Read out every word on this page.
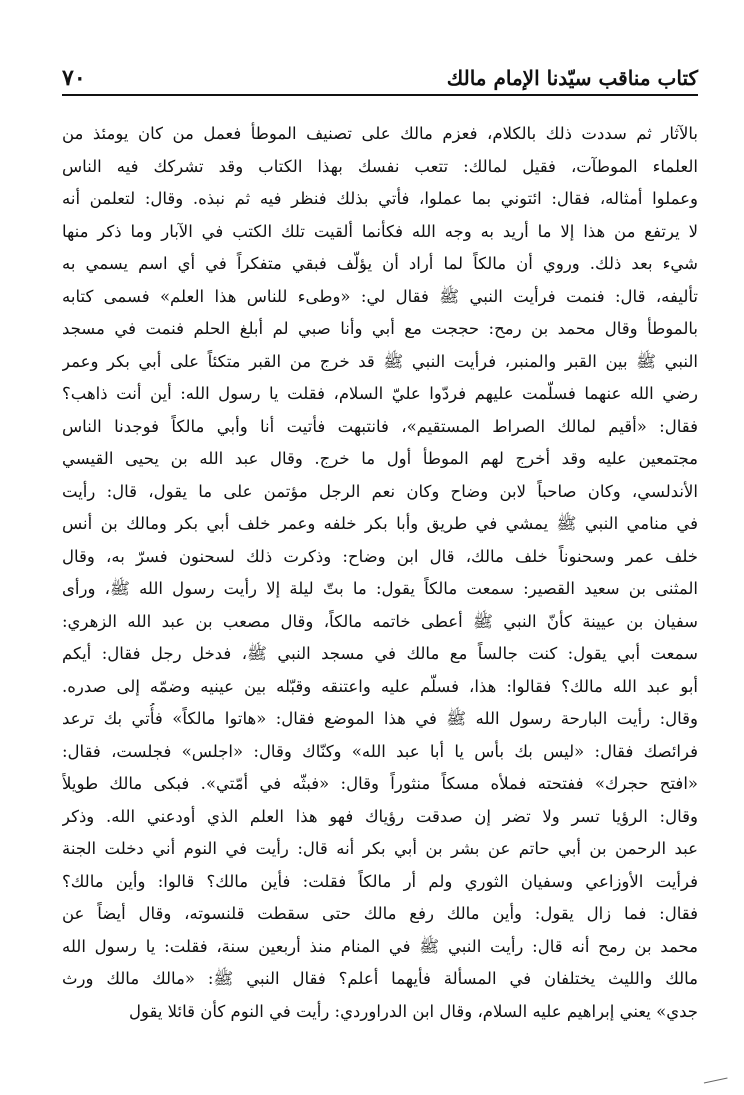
كتاب مناقب سيّدنا الإمام مالك
٧٠
بالآثار ثم سددت ذلك بالكلام، فعزم مالك على تصنيف الموطأ فعمل من كان يومئذ من
العلماء الموطآت، فقيل لمالك: تتعب نفسك بهذا الكتاب وقد تشركك فيه الناس
وعملوا أمثاله، فقال: ائتوني بما عملوا، فأتي بذلك فنظر فيه ثم نبذه. وقال: لتعلمن أنه
لا يرتفع من هذا إلا ما أريد به وجه الله فكأنما ألقيت تلك الكتب في الآبار وما ذكر منها
شيء بعد ذلك. وروي أن مالكاً لما أراد أن يؤلّف فبقي متفكراً في أي اسم يسمي به
تأليفه، قال: فنمت فرأيت النبي ﷺ فقال لي: «وطىء للناس هذا العلم» فسمى كتابه
بالموطأ وقال محمد بن رمح: حججت مع أبي وأنا صبي لم أبلغ الحلم فنمت في مسجد
النبي ﷺ بين القبر والمنبر، فرأيت النبي ﷺ قد خرج من القبر متكئاً على أبي بكر وعمر
رضي الله عنهما فسلّمت عليهم فردّوا عليّ السلام، فقلت يا رسول الله: أين أنت ذاهب؟
فقال: «أقيم لمالك الصراط المستقيم»، فانتبهت فأتيت أنا وأبي مالكاً فوجدنا الناس
مجتمعين عليه وقد أخرج لهم الموطأ أول ما خرج. وقال عبد الله بن يحيى القيسي
الأندلسي، وكان صاحباً لابن وضاح وكان نعم الرجل مؤتمن على ما يقول، قال: رأيت
في منامي النبي ﷺ يمشي في طريق وأبا بكر خلفه وعمر خلف أبي بكر ومالك بن أنس
خلف عمر وسحنوناً خلف مالك، قال ابن وضاح: وذكرت ذلك لسحنون فسرّ به، وقال
المثنى بن سعيد القصير: سمعت مالكاً يقول: ما بتّ ليلة إلا رأيت رسول الله ﷺ، ورأى
سفيان بن عيينة كأنّ النبي ﷺ أعطى خاتمه مالكاً، وقال مصعب بن عبد الله الزهري:
سمعت أبي يقول: كنت جالساً مع مالك في مسجد النبي ﷺ، فدخل رجل فقال: أيكم
أبو عبد الله مالك؟ فقالوا: هذا، فسلّم عليه واعتنقه وقبّله بين عينيه وضمّه إلى صدره.
وقال: رأيت البارحة رسول الله ﷺ في هذا الموضع فقال: «هاتوا مالكاً» فأُتي بك ترعد
فرائصك فقال: «ليس بك بأس يا أبا عبد الله» وكنّاك وقال: «اجلس» فجلست، فقال:
«افتح حجرك» ففتحته فملأه مسكاً منثوراً وقال: «فبثّه في أمّتي». فبكى مالك طويلاً
وقال: الرؤيا تسر ولا تضر إن صدقت رؤياك فهو هذا العلم الذي أودعني الله. وذكر
عبد الرحمن بن أبي حاتم عن بشر بن أبي بكر أنه قال: رأيت في النوم أني دخلت الجنة
فرأيت الأوزاعي وسفيان الثوري ولم أر مالكاً فقلت: فأين مالك؟ قالوا: وأين مالك؟
فقال: فما زال يقول: وأين مالك رفع مالك حتى سقطت قلنسوته، وقال أيضاً عن
محمد بن رمح أنه قال: رأيت النبي ﷺ في المنام منذ أربعين سنة، فقلت: يا رسول الله
مالك والليث يختلفان في المسألة فأيهما أعلم؟ فقال النبي ﷺ: «مالك مالك ورث
جدي» يعني إبراهيم عليه السلام، وقال ابن الدراوردي: رأيت في النوم كأن قائلا يقول
